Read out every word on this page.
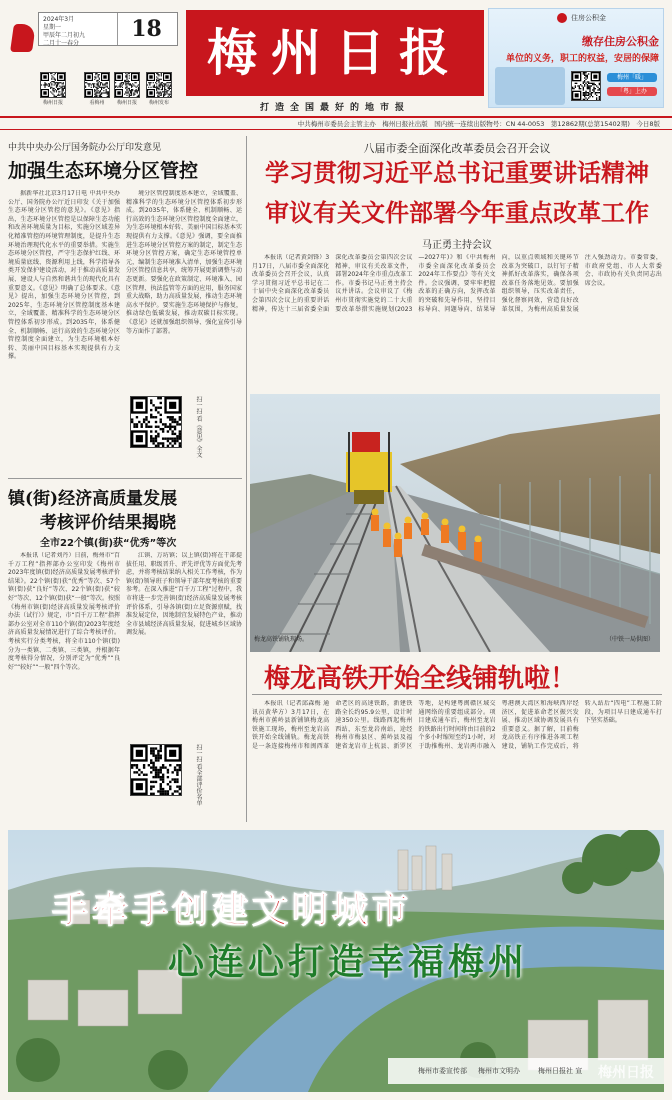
2024年3月
星期一
甲辰年二月初九
二月十一春分
18
梅州日报	看梅州	梅州日报	梅州发布
梅州日报
打造全国最好的地市报
住房公积金
缴存住房公积金
单位的义务，职工的权益，安居的保障
梅州「暖」
「粤」上办
中共梅州市委员会主管主办　梅州日报社出版　国内统一连续出版物号：CN 44-0053　第12862期(总第15402期)　今日8版
中共中央办公厅国务院办公厅印发意见
加强生态环境分区管控
据新华社北京3月17日电 中共中央办公厅、国务院办公厅近日印发《关于加强生态环境分区管控的意见》。《意见》指出，生态环境分区管控是以保障生态功能和改善环境质量为目标，实施分区域差异化精准管控的环境管理制度，是提升生态环境治理现代化水平的重要举措。实施生态环境分区管控，严守生态保护红线、环境质量底线、资源利用上线，科学指导各类开发保护建设活动，对于推动高质量发展、建设人与自然和谐共生的现代化具有重要意义。《意见》明确了总体要求。《意见》提出，加强生态环境分区管控，到2025年，生态环境分区管控制度基本建立，全域覆盖、精准科学的生态环境分区管控体系初步形成。到2035年，体系健全、机制顺畅、运行高效的生态环境分区管控制度全面建立，为生态环境根本好转、美丽中国目标基本实现提供有力支撑。
境分区管控制度基本建立，全域覆盖、精准科学的生态环境分区管控体系初步形成。到2035年，体系健全、机制顺畅、运行高效的生态环境分区管控制度全面建立，为生态环境根本好转、美丽中国目标基本实现提供有力支撑。《意见》强调，要全面推进生态环境分区管控方案的制定，制定生态环境分区管控方案，确定生态环境管控单元，编制生态环境准入清单，加强生态环境分区管控信息共享，统筹开展更新调整与动态更新。要强化在政策制定、环境准入、园区管理、执法监管等方面的应用，服务国家重大战略，助力高质量发展，推动生态环境高水平保护。要实施生态环境保护与修复，推动绿色低碳发展，推动双碳目标实现。《意见》还就加强组织领导、强化宣传引导等方面作了部署。
扫一扫 看《意见》全文
镇(街)经济高质量发展
考核评价结果揭晓
全市22个镇(街)获“优秀”等次
本报讯（记者刘丹）日前，梅州市“百千万工程”指挥部办公室印发《梅州市2023年度镇(街)经济高质量发展考核评价结果》。22个镇(街)获“优秀”等次、57个镇(街)获“良好”等次、22个镇(街)获“较好”等次、12个镇(街)获“一般”等次。按照《梅州市镇(街)经济高质量发展考核评价办法（试行）》规定，市“百千万工程”指挥部办公室对全市110个镇(街)2023年度经济高质量发展情况进行了综合考核评价。考核实行分类考核，将全市110个镇(街)分为一类镇、二类镇、三类镇，并根据年度考核得分情况，分别评定为“优秀”“良好”“较好”“一般”四个等次。
江镇、万坊镇；以上镇(街)将在干部提拔任用、职级晋升、评先评优等方面优先考虑，并将考核结果纳入相关工作考核，作为镇(街)领导班子和领导干部年度考核的重要参考。在深入推进“百千万工程”过程中，我市将进一步完善镇(街)经济高质量发展考核评价体系，引导各镇(街)立足资源禀赋，找准发展定位，因地制宜发展特色产业，推动全市县域经济高质量发展，促进城乡区域协调发展。
扫一扫 看全部评价名单
八届市委全面深化改革委员会召开会议
学习贯彻习近平总书记重要讲话精神
审议有关文件部署今年重点改革工作
马正勇主持会议
本报讯（记者黄剑锋）3月17日，八届市委全面深化改革委员会召开会议，认真学习贯彻习近平总书记在二十届中央全面深化改革委员会第四次会议上的重要讲话精神，传达十三届省委全面深化改革委员会第四次会议精神，审议有关改革文件，部署2024年全市重点改革工作。市委书记马正勇主持会议并讲话。会议审议了《梅州市贯彻实施党的二十大重要改革举措实施规划(2023—2027年)》和《中共梅州市委全面深化改革委员会2024年工作要点》等有关文件。会议强调，要牢牢把握改革的正确方向，发挥改革的突破和先导作用，坚持目标导向、问题导向、结果导向，以重点领域和关键环节改革为突破口，以钉钉子精神抓好改革落实，确保各项改革任务落地见效。要加强组织领导，压实改革责任，强化督察问效，营造良好改革氛围，为梅州高质量发展注入强劲动力。市委常委，市政府党组、市人大常委会、市政协有关负责同志出席会议。
梅龙高铁铺轨现场。	（中铁一局供图）
梅龙高铁开始全线铺轨啦！
本报讯（记者邱森梅 通讯员黄华方）3月17日，在梅州市蕉岭县新铺镇梅龙高铁施工现场，梅州至龙岩高铁开始全线铺轨。梅龙高铁是一条连接梅州市和闽西革命老区的高速铁路，新建铁路全长约95.9公里，设计时速350公里。线路西起梅州西站，东至龙岩南站，途经梅州市梅县区、蕉岭县及福建省龙岩市上杭县、新罗区等地，是构建粤闽赣区域交通网络的重要组成部分。项目建成通车后，梅州至龙岩的铁路出行时间将由目前的2个多小时缩短至约1小时，对于助推梅州、龙岩两市融入粤港澳大湾区和海峡西岸经济区，促进革命老区振兴发展、推动区域协调发展具有重要意义。据了解，目前梅龙高铁正有序推进各项工程建设，铺轨工作完成后，将转入站后“四电”工程施工阶段，为项目早日建成通车打下坚实基础。
手牵手创建文明城市
心连心打造幸福梅州
梅州市委宣传部 梅州市文明办	梅州日报社 宣 梅州日报
